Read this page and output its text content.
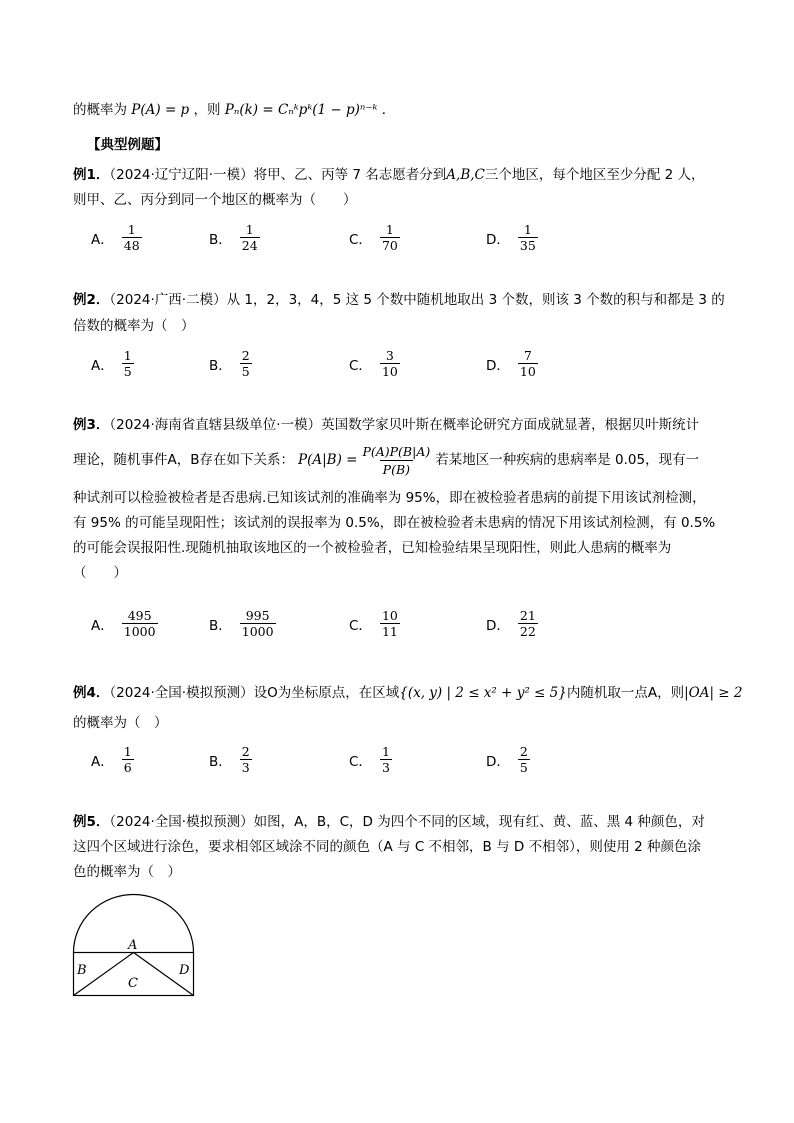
的概率为 P(A) = p ，则 Pₙ(k) = Cₙᵏpᵏ(1 − p)ⁿ⁻ᵏ ．
【典型例题】
例1．（2024·辽宁辽阳·一模）将甲、乙、丙等 7 名志愿者分到A,B,C三个地区，每个地区至少分配 2 人，
则甲、乙、丙分到同一个地区的概率为（　　）
A． $\frac{1}{48}$	B． $\frac{1}{24}$	C． $\frac{1}{70}$	D． $\frac{1}{35}$
例2．（2024·广西·二模）从 1，2，3，4，5 这 5 个数中随机地取出 3 个数，则该 3 个数的积与和都是 3 的
倍数的概率为（　）
A． $\frac{1}{5}$	B． $\frac{2}{5}$	C． $\frac{3}{10}$	D． $\frac{7}{10}$
例3．（2024·海南省直辖县级单位·一模）英国数学家贝叶斯在概率论研究方面成就显著，根据贝叶斯统计
理论，随机事件A，B存在如下关系： $P(A|B) = \frac{P(A)P(B|A)}{P(B)}$ 若某地区一种疾病的患病率是 0.05，现有一
种试剂可以检验被检者是否患病.已知该试剂的准确率为 95%，即在被检验者患病的前提下用该试剂检测，
有 95% 的可能呈现阳性；该试剂的误报率为 0.5%，即在被检验者未患病的情况下用该试剂检测，有 0.5%
的可能会误报阳性.现随机抽取该地区的一个被检验者，已知检验结果呈现阳性，则此人患病的概率为
（　　）
A． $\frac{495}{1000}$	B． $\frac{995}{1000}$	C． $\frac{10}{11}$	D． $\frac{21}{22}$
例4．（2024·全国·模拟预测）设O为坐标原点，在区域{(x, y) | 2 ≤ x² + y² ≤ 5}内随机取一点A，则|OA| ≥ 2
的概率为（　）
A． $\frac{1}{6}$	B． $\frac{2}{3}$	C． $\frac{1}{3}$	D． $\frac{2}{5}$
例5．（2024·全国·模拟预测）如图，A，B，C，D 为四个不同的区域，现有红、黄、蓝、黑 4 种颜色，对
这四个区域进行涂色，要求相邻区域涂不同的颜色（A 与 C 不相邻，B 与 D 不相邻），则使用 2 种颜色涂
色的概率为（　）
A
B
C
D
